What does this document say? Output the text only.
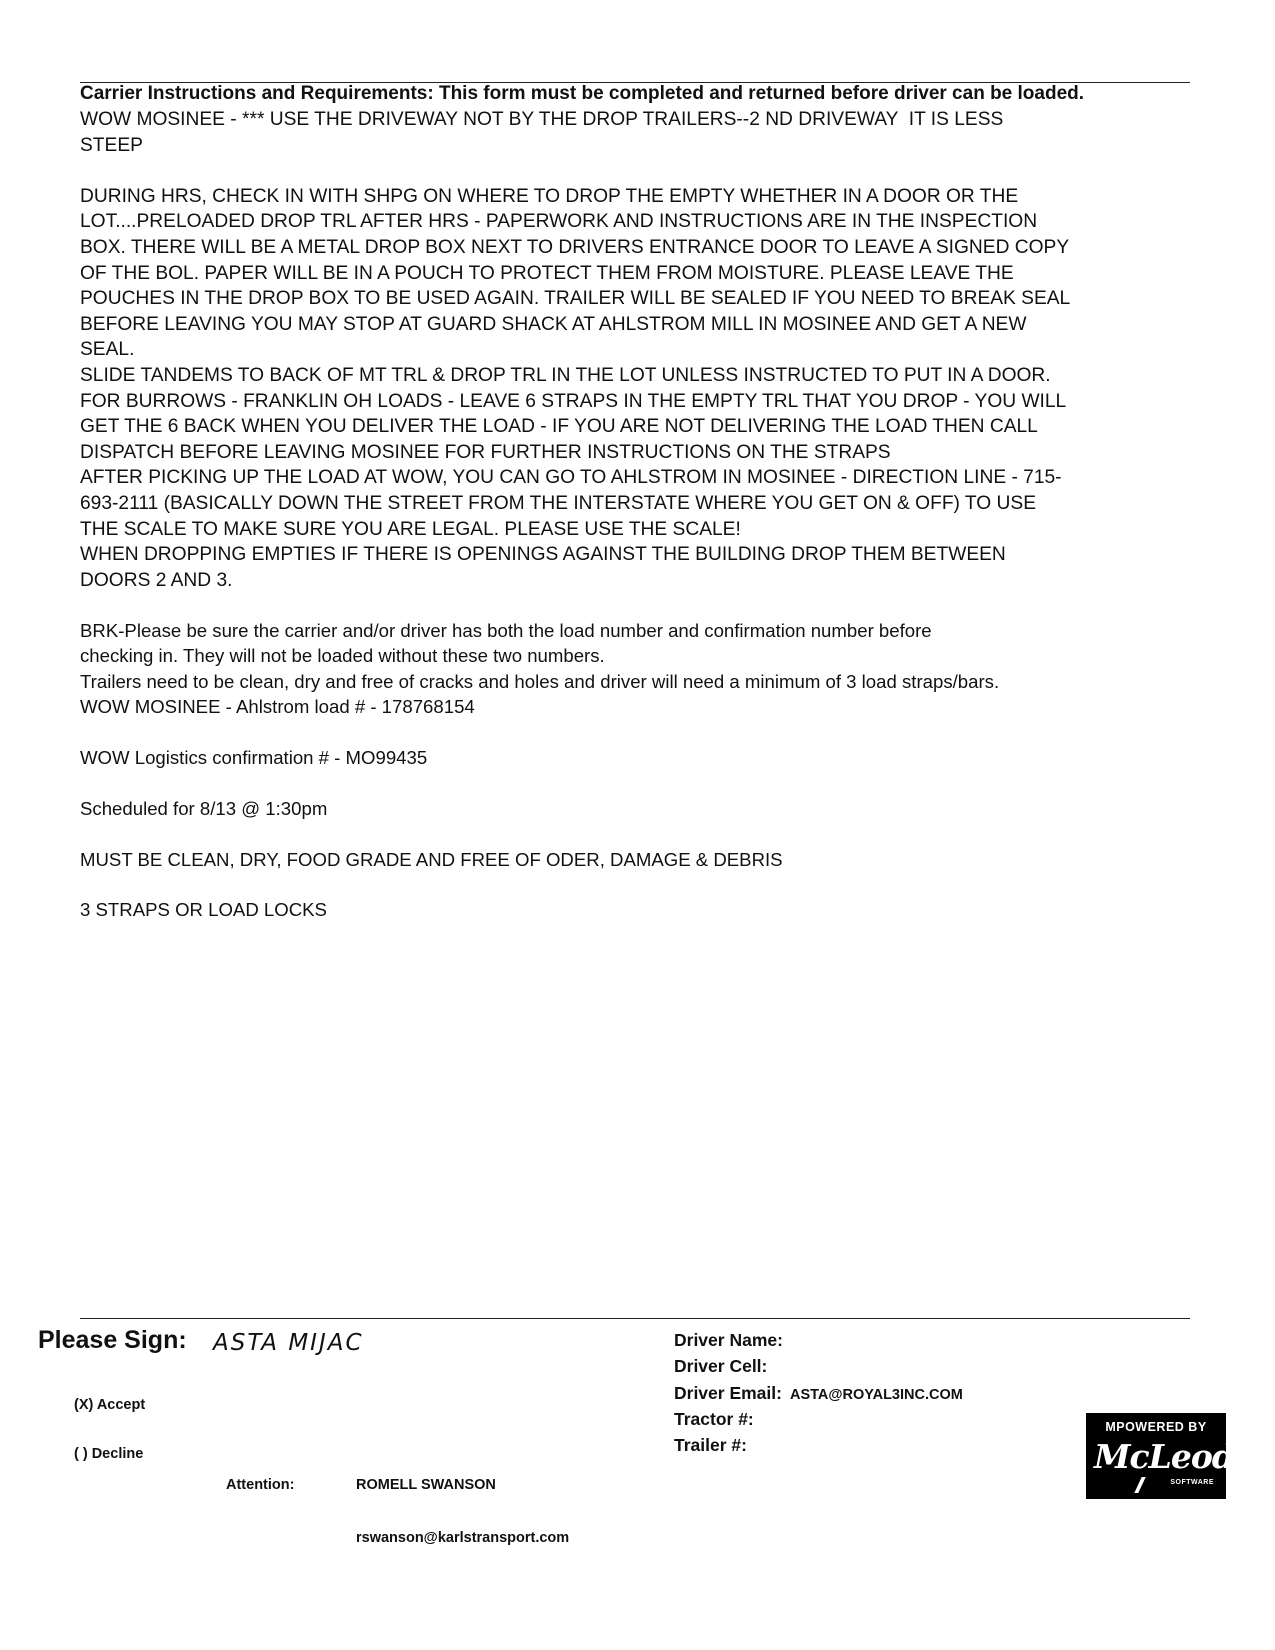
Carrier Instructions and Requirements: This form must be completed and returned before driver can be loaded.

WOW MOSINEE - *** USE THE DRIVEWAY NOT BY THE DROP TRAILERS--2 ND DRIVEWAY  IT IS LESS
STEEP

DURING HRS, CHECK IN WITH SHPG ON WHERE TO DROP THE EMPTY WHETHER IN A DOOR OR THE
LOT....PRELOADED DROP TRL AFTER HRS - PAPERWORK AND INSTRUCTIONS ARE IN THE INSPECTION
BOX. THERE WILL BE A METAL DROP BOX NEXT TO DRIVERS ENTRANCE DOOR TO LEAVE A SIGNED COPY
OF THE BOL. PAPER WILL BE IN A POUCH TO PROTECT THEM FROM MOISTURE. PLEASE LEAVE THE
POUCHES IN THE DROP BOX TO BE USED AGAIN. TRAILER WILL BE SEALED IF YOU NEED TO BREAK SEAL
BEFORE LEAVING YOU MAY STOP AT GUARD SHACK AT AHLSTROM MILL IN MOSINEE AND GET A NEW
SEAL.
SLIDE TANDEMS TO BACK OF MT TRL & DROP TRL IN THE LOT UNLESS INSTRUCTED TO PUT IN A DOOR.
FOR BURROWS - FRANKLIN OH LOADS - LEAVE 6 STRAPS IN THE EMPTY TRL THAT YOU DROP - YOU WILL
GET THE 6 BACK WHEN YOU DELIVER THE LOAD - IF YOU ARE NOT DELIVERING THE LOAD THEN CALL
DISPATCH BEFORE LEAVING MOSINEE FOR FURTHER INSTRUCTIONS ON THE STRAPS
AFTER PICKING UP THE LOAD AT WOW, YOU CAN GO TO AHLSTROM IN MOSINEE - DIRECTION LINE - 715-
693-2111 (BASICALLY DOWN THE STREET FROM THE INTERSTATE WHERE YOU GET ON & OFF) TO USE
THE SCALE TO MAKE SURE YOU ARE LEGAL. PLEASE USE THE SCALE!
WHEN DROPPING EMPTIES IF THERE IS OPENINGS AGAINST THE BUILDING DROP THEM BETWEEN
DOORS 2 AND 3.

BRK-Please be sure the carrier and/or driver has both the load number and confirmation number before

checking in. They will not be loaded without these two numbers.

Trailers need to be clean, dry and free of cracks and holes and driver will need a minimum of 3 load straps/bars.

WOW MOSINEE - Ahlstrom load # - 178768154

WOW Logistics confirmation # - MO99435

Scheduled for 8/13 @ 1:30pm

MUST BE CLEAN, DRY, FOOD GRADE AND FREE OF ODER, DAMAGE & DEBRIS

3 STRAPS OR LOAD LOCKS

Please Sign: ASTA MIJAC
(X) Accept
( ) Decline
Attention:	ROMELL SWANSON
rswanson@karlstransport.com
Driver Name:
Driver Cell:
Driver Email: ASTA@ROYAL3INC.COM
Tractor #:
Trailer #:
MPOWERED BY
McLeod
SOFTWARE
